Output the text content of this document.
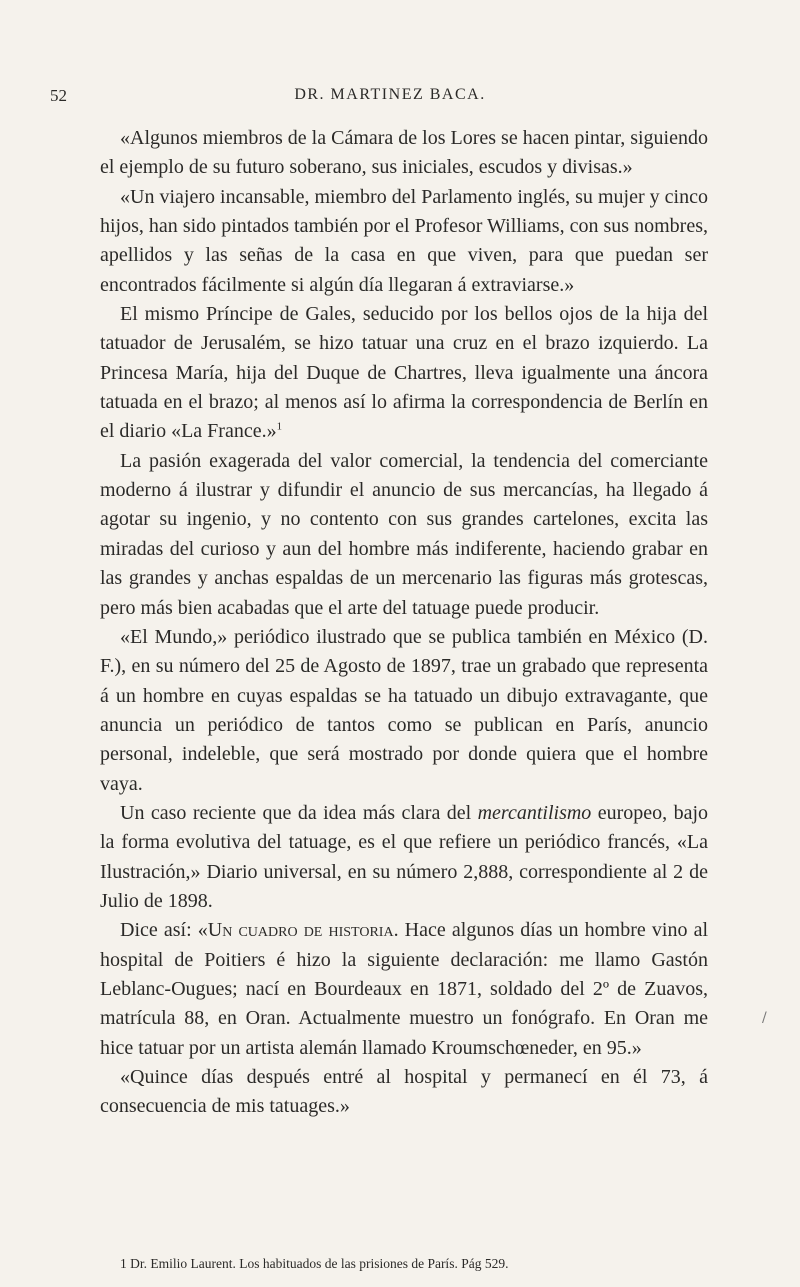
52	DR. MARTINEZ BACA.

«Algunos miembros de la Cámara de los Lores se hacen pintar, siguiendo el ejemplo de su futuro soberano, sus iniciales, escudos y divisas.»

«Un viajero incansable, miembro del Parlamento inglés, su mujer y cinco hijos, han sido pintados también por el Profesor Williams, con sus nombres, apellidos y las señas de la casa en que viven, para que puedan ser encontrados fácilmente si algún día llegaran á extraviarse.»

El mismo Príncipe de Gales, seducido por los bellos ojos de la hija del tatuador de Jerusalém, se hizo tatuar una cruz en el brazo izquierdo. La Princesa María, hija del Duque de Chartres, lleva igualmente una áncora tatuada en el brazo; al menos así lo afirma la correspondencia de Berlín en el diario «La France.»$^1$

La pasión exagerada del valor comercial, la tendencia del comerciante moderno á ilustrar y difundir el anuncio de sus mercancías, ha llegado á agotar su ingenio, y no contento con sus grandes cartelones, excita las miradas del curioso y aun del hombre más indiferente, haciendo grabar en las grandes y anchas espaldas de un mercenario las figuras más grotescas, pero más bien acabadas que el arte del tatuage puede producir.

«El Mundo,» periódico ilustrado que se publica también en México (D. F.), en su número del 25 de Agosto de 1897, trae un grabado que representa á un hombre en cuyas espaldas se ha tatuado un dibujo extravagante, que anuncia un periódico de tantos como se publican en París, anuncio personal, indeleble, que será mostrado por donde quiera que el hombre vaya.

Un caso reciente que da idea más clara del mercantilismo europeo, bajo la forma evolutiva del tatuage, es el que refiere un periódico francés, «La Ilustración,» Diario universal, en su número 2,888, correspondiente al 2 de Julio de 1898.

Dice así: «Un cuadro de historia. Hace algunos días un hombre vino al hospital de Poitiers é hizo la siguiente declaración: me llamo Gastón Leblanc-Ougues; nací en Bourdeaux en 1871, soldado del 2º de Zuavos, matrícula 88, en Oran. Actualmente muestro un fonógrafo. En Oran me hice tatuar por un artista alemán llamado Kroumschœneder, en 95.»

«Quince días después entré al hospital y permanecí en él 73, á consecuencia de mis tatuages.»

1 Dr. Emilio Laurent. Los habituados de las prisiones de París. Pág 529.
/
